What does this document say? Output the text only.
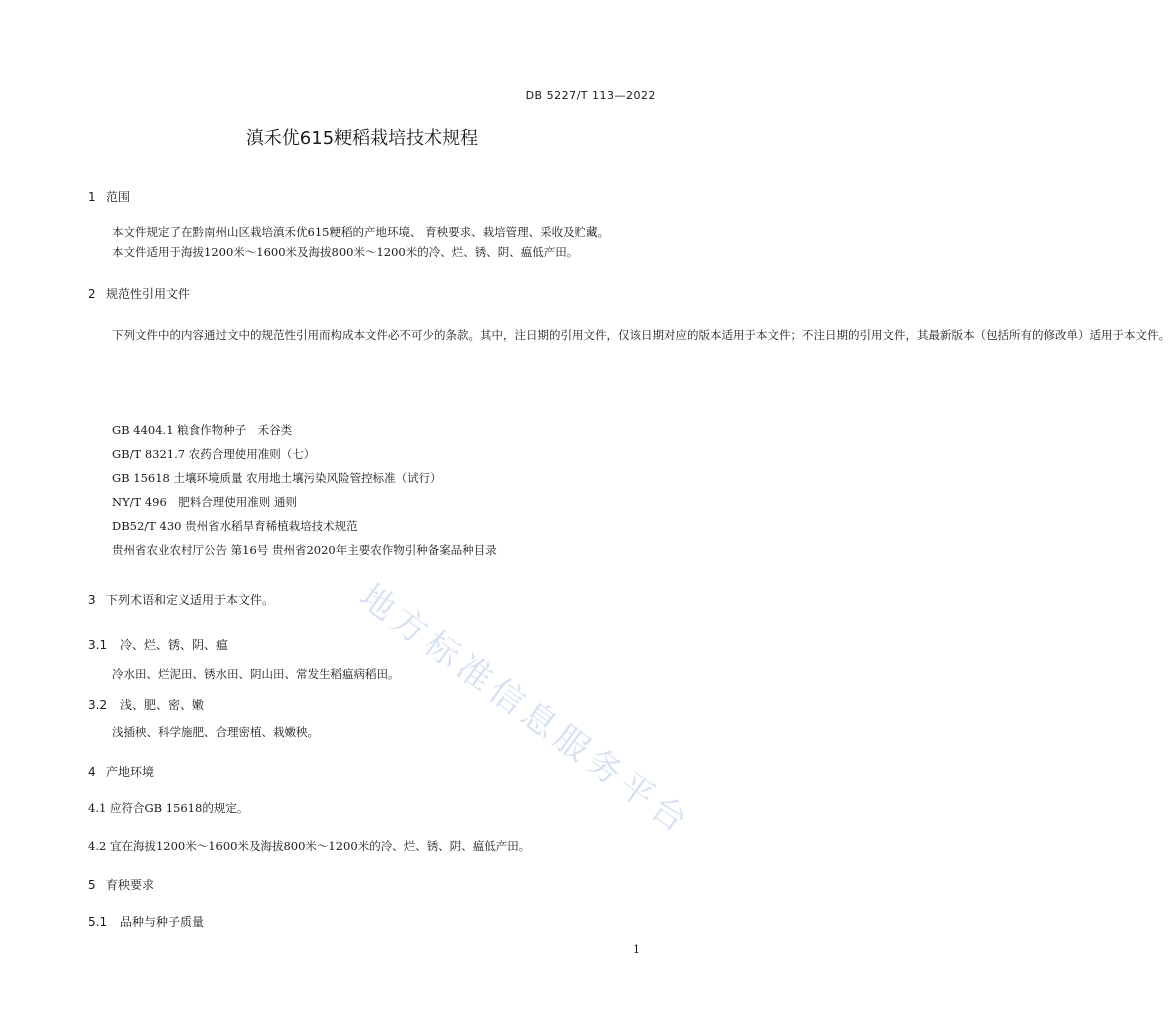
地方标准信息服务平台
DB 5227/T 113—2022
滇禾优615粳稻栽培技术规程
1 范围
本文件规定了在黔南州山区栽培滇禾优615粳稻的产地环境、 育秧要求、栽培管理、采收及贮藏。
本文件适用于海拔1200米～1600米及海拔800米～1200米的冷、烂、锈、阴、瘟低产田。
2 规范性引用文件

下列文件中的内容通过文中的规范性引用而构成本文件必不可少的条款。其中，注日期的引用文件，仅该日期对应的版本适用于本文件；不注日期的引用文件，其最新版本（包括所有的修改单）适用于本文件。

GB 4404.1 粮食作物种子　禾谷类
GB/T 8321.7 农药合理使用准则（七）
GB 15618 土壤环境质量 农用地土壤污染风险管控标准（试行）
NY/T 496　肥料合理使用准则 通则
DB52/T 430 贵州省水稻旱育稀植栽培技术规范
贵州省农业农村厅公告 第16号 贵州省2020年主要农作物引种备案品种目录
3 下列术语和定义适用于本文件。
3.1 冷、烂、锈、阴、瘟
冷水田、烂泥田、锈水田、阴山田、常发生稻瘟病稻田。
3.2 浅、肥、密、嫩
浅插秧、科学施肥、合理密植、栽嫩秧。
4 产地环境
4.1 应符合GB 15618的规定。
4.2 宜在海拔1200米～1600米及海拔800米～1200米的冷、烂、锈、阴、瘟低产田。
5 育秧要求
5.1 品种与种子质量
1
